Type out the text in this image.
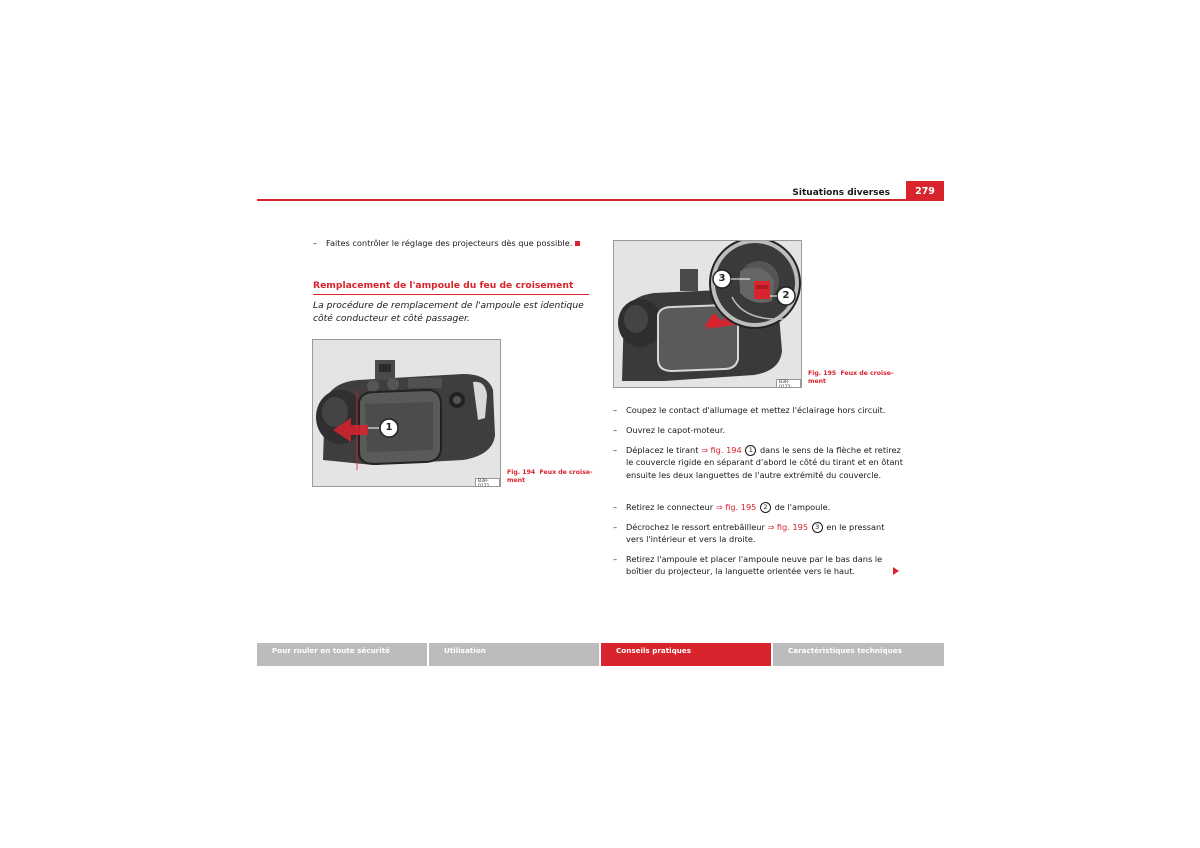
Situations diverses	279
–	Faites contrôler le réglage des projecteurs dès que possible.
Remplacement de l'ampoule du feu de croisement
La procédure de remplacement de l'ampoule est identique côté conducteur et côté passager.
1
B3R-0171
Fig. 194 Feux de croise-
ment
3
2
B3R-0172
Fig. 195 Feux de croise-
ment
–	Coupez le contact d'allumage et mettez l'éclairage hors circuit.
–	Ouvrez le capot-moteur.
–	Déplacez le tirant ⇒ fig. 194 1 dans le sens de la flèche et retirez le couvercle rigide en séparant d'abord le côté du tirant et en ôtant ensuite les deux languettes de l'autre extrémité du couvercle.
–	Retirez le connecteur ⇒ fig. 195 2 de l'ampoule.
–	Décrochez le ressort entrebâilleur ⇒ fig. 195 3 en le pressant vers l'intérieur et vers la droite.
–	Retirez l'ampoule et placer l'ampoule neuve par le bas dans le boîtier du projecteur, la languette orientée vers le haut.
Pour rouler en toute sécurité	Utilisation	Conseils pratiques	Caractéristiques techniques
